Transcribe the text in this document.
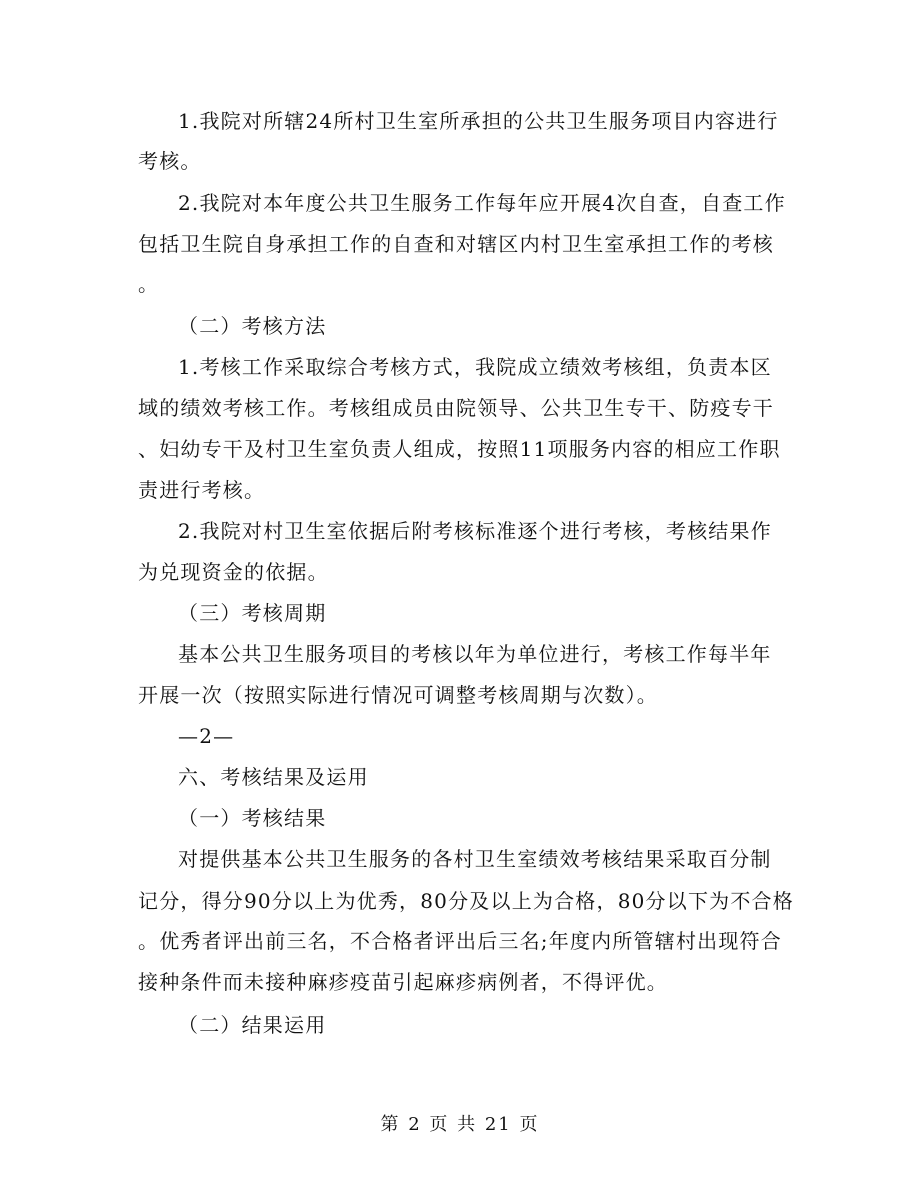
1.我院对所辖24所村卫生室所承担的公共卫生服务项目内容进行
考核。
2.我院对本年度公共卫生服务工作每年应开展4次自查，自查工作
包括卫生院自身承担工作的自查和对辖区内村卫生室承担工作的考核
。
（二）考核方法
1.考核工作采取综合考核方式，我院成立绩效考核组，负责本区
域的绩效考核工作。考核组成员由院领导、公共卫生专干、防疫专干
、妇幼专干及村卫生室负责人组成，按照11项服务内容的相应工作职
责进行考核。
2.我院对村卫生室依据后附考核标准逐个进行考核，考核结果作
为兑现资金的依据。
（三）考核周期
基本公共卫生服务项目的考核以年为单位进行，考核工作每半年
开展一次（按照实际进行情况可调整考核周期与次数）。
—2—
六、考核结果及运用
（一）考核结果
对提供基本公共卫生服务的各村卫生室绩效考核结果采取百分制
记分，得分90分以上为优秀，80分及以上为合格，80分以下为不合格
。优秀者评出前三名，不合格者评出后三名;年度内所管辖村出现符合
接种条件而未接种麻疹疫苗引起麻疹病例者，不得评优。
（二）结果运用
第 2 页 共 21 页
